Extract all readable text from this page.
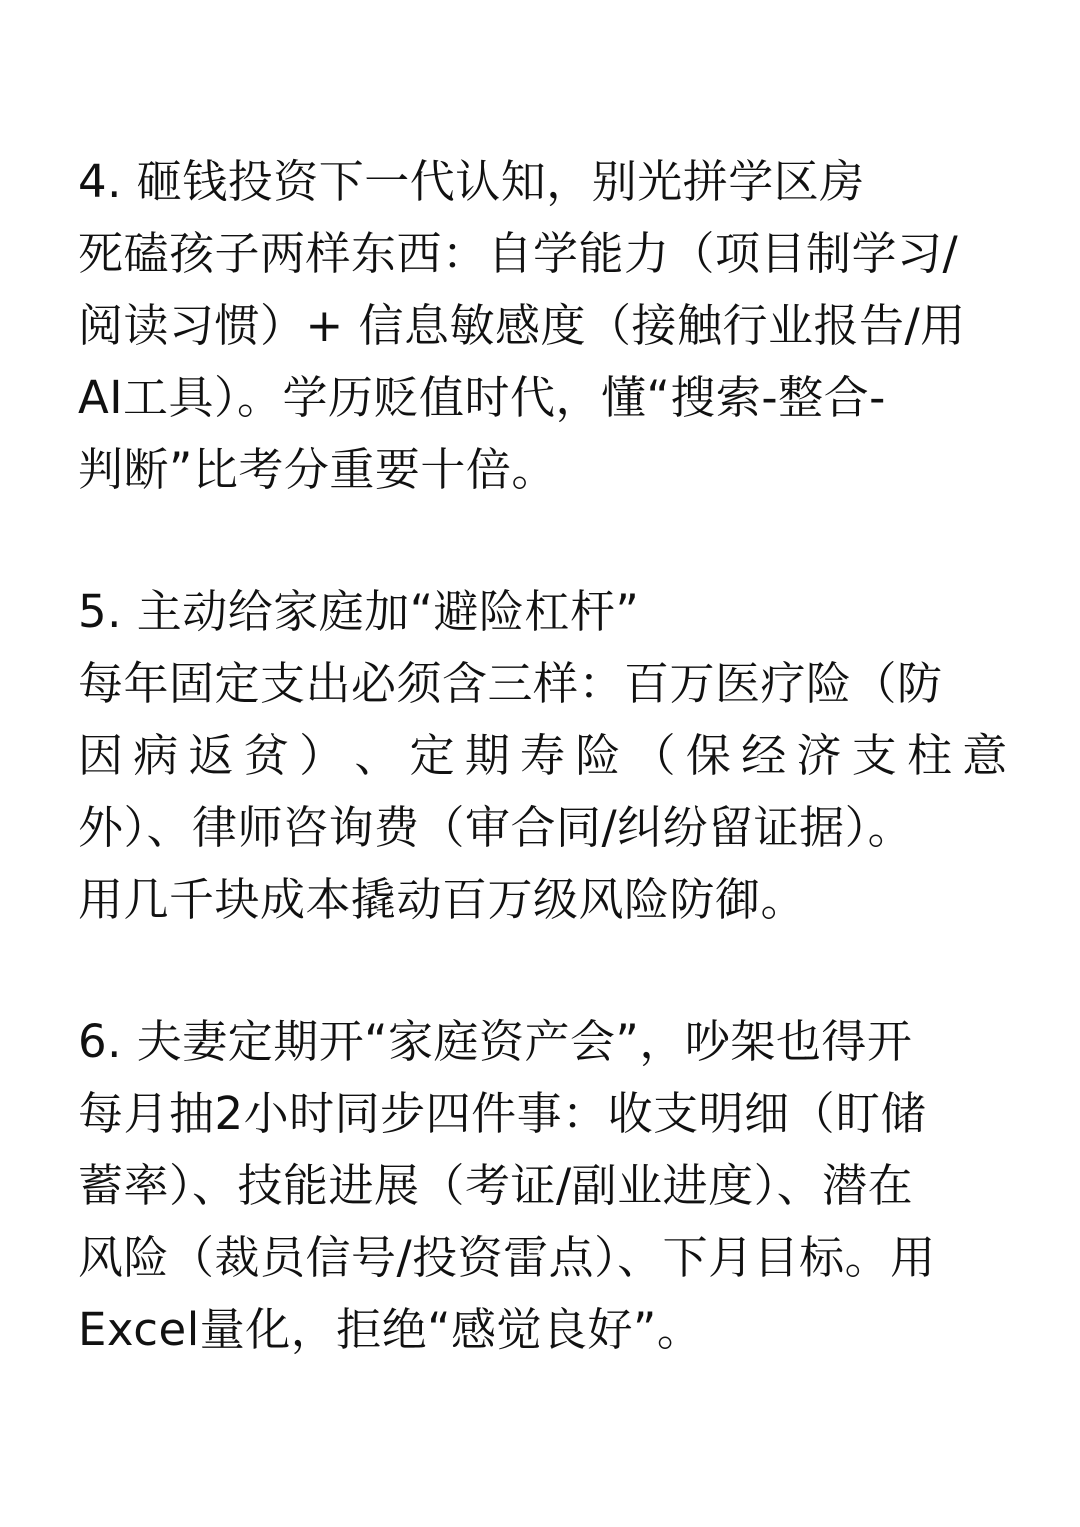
4. 砸钱投资下一代认知，别光拼学区房
死磕孩子两样东西：自学能力（项目制学习/
阅读习惯）+ 信息敏感度（接触行业报告/用
AI工具）。学历贬值时代，懂“搜索-整合-
判断”比考分重要十倍。
5. 主动给家庭加“避险杠杆”
每年固定支出必须含三样：百万医疗险（防
因 病 返 贫 ） 、 定 期 寿 险 （ 保 经 济 支 柱 意
外）、律师咨询费（审合同/纠纷留证据）。
用几千块成本撬动百万级风险防御。
6. 夫妻定期开“家庭资产会”，吵架也得开
每月抽2小时同步四件事：收支明细（盯储
蓄率）、技能进展（考证/副业进度）、潜在
风险（裁员信号/投资雷点）、下月目标。用
Excel量化，拒绝“感觉良好”。
